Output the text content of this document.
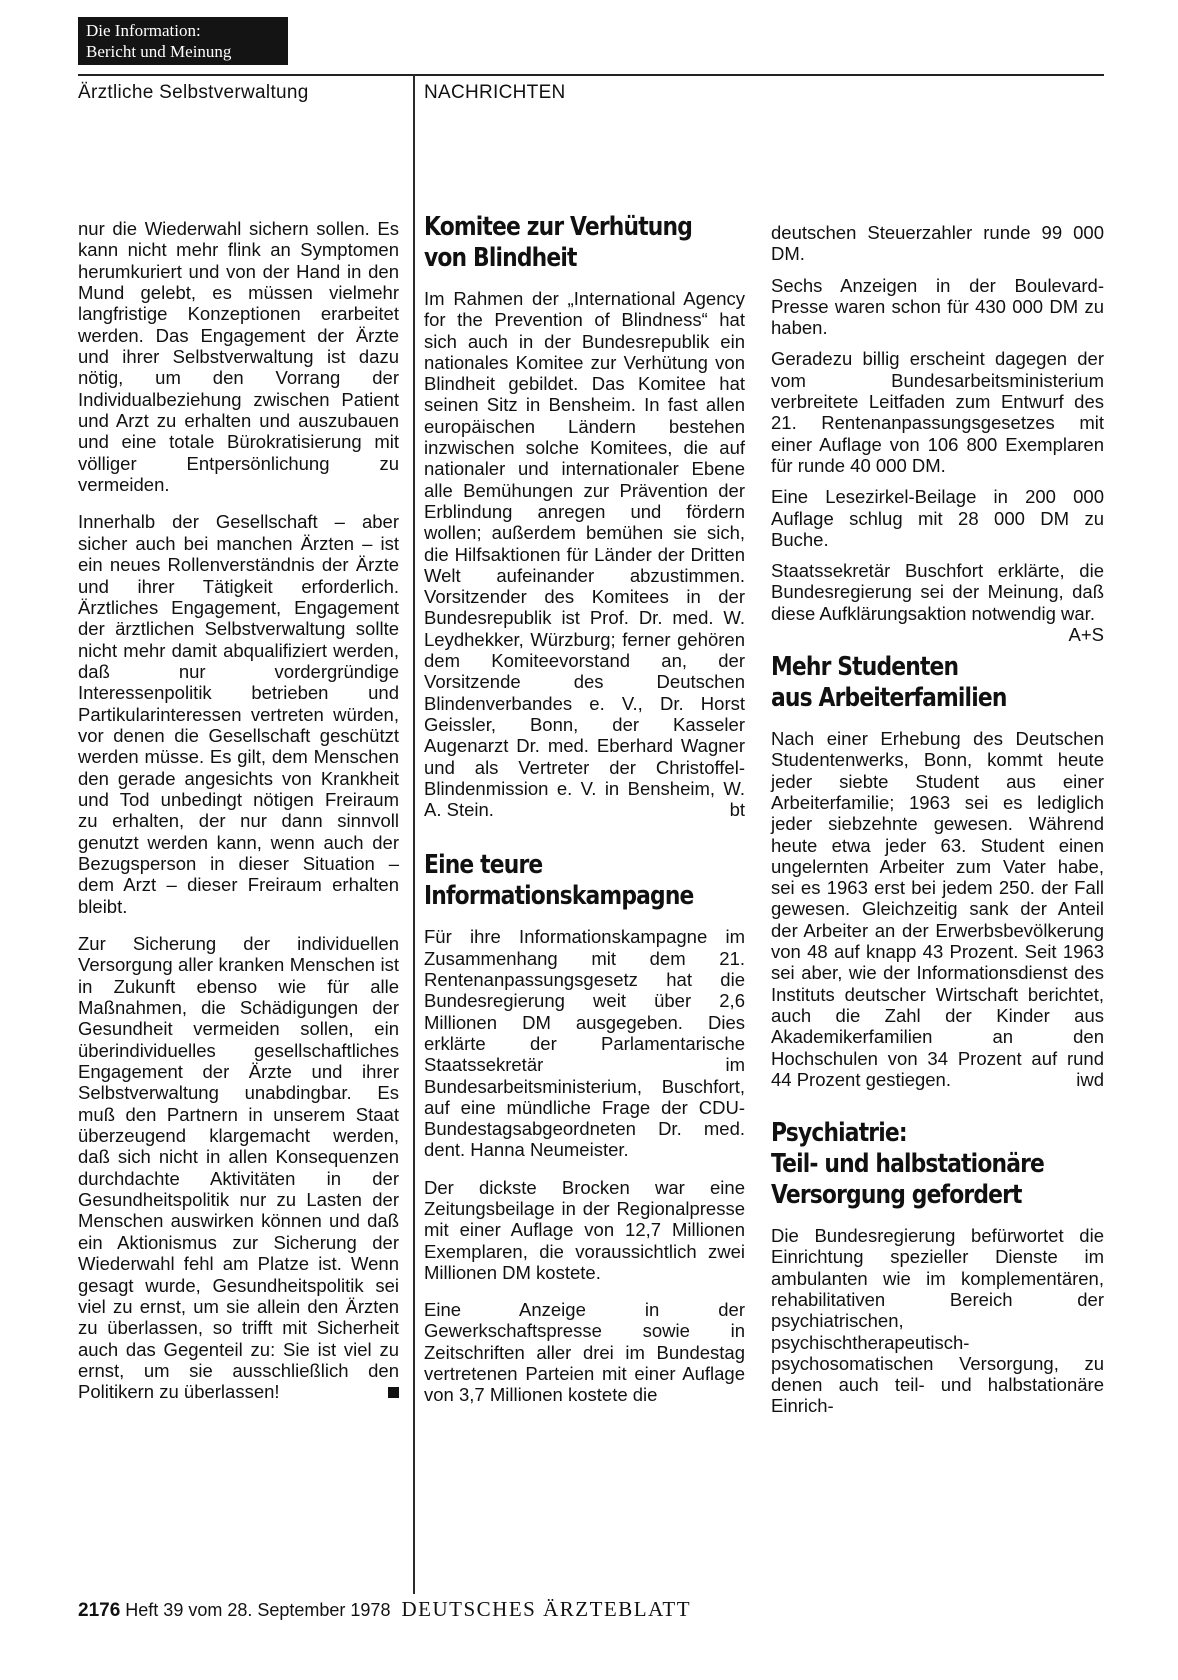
Die Information:
Bericht und Meinung
Ärztliche Selbstverwaltung	NACHRICHTEN

nur die Wiederwahl sichern sollen. Es kann nicht mehr flink an Symptomen herumkuriert und von der Hand in den Mund gelebt, es müssen vielmehr langfristige Konzeptionen erarbeitet werden. Das Engagement der Ärzte und ihrer Selbstverwaltung ist dazu nötig, um den Vorrang der Individualbeziehung zwischen Patient und Arzt zu erhalten und auszubauen und eine totale Bürokratisierung mit völliger Entpersönlichung zu vermeiden.

Innerhalb der Gesellschaft – aber sicher auch bei manchen Ärzten – ist ein neues Rollenverständnis der Ärzte und ihrer Tätigkeit erforderlich. Ärztliches Engagement, Engagement der ärztlichen Selbstverwaltung sollte nicht mehr damit abqualifiziert werden, daß nur vordergründige Interessenpolitik betrieben und Partikularinteressen vertreten würden, vor denen die Gesellschaft geschützt werden müsse. Es gilt, dem Menschen den gerade angesichts von Krankheit und Tod unbedingt nötigen Freiraum zu erhalten, der nur dann sinnvoll genutzt werden kann, wenn auch der Bezugsperson in dieser Situation – dem Arzt – dieser Freiraum erhalten bleibt.

Zur Sicherung der individuellen Versorgung aller kranken Menschen ist in Zukunft ebenso wie für alle Maßnahmen, die Schädigungen der Gesundheit vermeiden sollen, ein überindividuelles gesellschaftliches Engagement der Ärzte und ihrer Selbstverwaltung unabdingbar. Es muß den Partnern in unserem Staat überzeugend klargemacht werden, daß sich nicht in allen Konsequenzen durchdachte Aktivitäten in der Gesundheitspolitik nur zu Lasten der Menschen auswirken können und daß ein Aktionismus zur Sicherung der Wiederwahl fehl am Platze ist. Wenn gesagt wurde, Gesundheitspolitik sei viel zu ernst, um sie allein den Ärzten zu überlassen, so trifft mit Sicherheit auch das Gegenteil zu: Sie ist viel zu ernst, um sie ausschließlich den Politikern zu überlassen!

Komitee zur Verhütung
von Blindheit

Im Rahmen der „International Agency for the Prevention of Blindness“ hat sich auch in der Bundesrepublik ein nationales Komitee zur Verhütung von Blindheit gebildet. Das Komitee hat seinen Sitz in Bensheim. In fast allen europäischen Ländern bestehen inzwischen solche Komitees, die auf nationaler und internationaler Ebene alle Bemühungen zur Prävention der Erblindung anregen und fördern wollen; außerdem bemühen sie sich, die Hilfsaktionen für Länder der Dritten Welt aufeinander abzustimmen. Vorsitzender des Komitees in der Bundesrepublik ist Prof. Dr. med. W. Leydhekker, Würzburg; ferner gehören dem Komiteevorstand an, der Vorsitzende des Deutschen Blindenverbandes e. V., Dr. Horst Geissler, Bonn, der Kasseler Augenarzt Dr. med. Eberhard Wagner und als Vertreter der Christoffel-Blindenmission e. V. in Bensheim, W. A. Stein.	bt

Eine teure
Informationskampagne

Für ihre Informationskampagne im Zusammenhang mit dem 21. Rentenanpassungsgesetz hat die Bundesregierung weit über 2,6 Millionen DM ausgegeben. Dies erklärte der Parlamentarische Staatssekretär im Bundesarbeitsministerium, Buschfort, auf eine mündliche Frage der CDU-Bundestagsabgeordneten Dr. med. dent. Hanna Neumeister.

Der dickste Brocken war eine Zeitungsbeilage in der Regionalpresse mit einer Auflage von 12,7 Millionen Exemplaren, die voraussichtlich zwei Millionen DM kostete.

Eine Anzeige in der Gewerkschaftspresse sowie in Zeitschriften aller drei im Bundestag vertretenen Parteien mit einer Auflage von 3,7 Millionen kostete die

deutschen Steuerzahler runde 99 000 DM.

Sechs Anzeigen in der Boulevard-Presse waren schon für 430 000 DM zu haben.

Geradezu billig erscheint dagegen der vom Bundesarbeitsministerium verbreitete Leitfaden zum Entwurf des 21. Rentenanpassungsgesetzes mit einer Auflage von 106 800 Exemplaren für runde 40 000 DM.

Eine Lesezirkel-Beilage in 200 000 Auflage schlug mit 28 000 DM zu Buche.

Staatssekretär Buschfort erklärte, die Bundesregierung sei der Meinung, daß diese Aufklärungsaktion notwendig war.
A+S

Mehr Studenten
aus Arbeiterfamilien

Nach einer Erhebung des Deutschen Studentenwerks, Bonn, kommt heute jeder siebte Student aus einer Arbeiterfamilie; 1963 sei es lediglich jeder siebzehnte gewesen. Während heute etwa jeder 63. Student einen ungelernten Arbeiter zum Vater habe, sei es 1963 erst bei jedem 250. der Fall gewesen. Gleichzeitig sank der Anteil der Arbeiter an der Erwerbsbevölkerung von 48 auf knapp 43 Prozent. Seit 1963 sei aber, wie der Informationsdienst des Instituts deutscher Wirtschaft berichtet, auch die Zahl der Kinder aus Akademikerfamilien an den Hochschulen von 34 Prozent auf rund 44 Prozent gestiegen.	iwd

Psychiatrie:
Teil- und halbstationäre
Versorgung gefordert

Die Bundesregierung befürwortet die Einrichtung spezieller Dienste im ambulanten wie im komplementären, rehabilitativen Bereich der psychiatrischen, psychischtherapeutisch-psychosomatischen Versorgung, zu denen auch teil- und halbstationäre Einrich-

2176 Heft 39 vom 28. September 1978 DEUTSCHES ÄRZTEBLATT
